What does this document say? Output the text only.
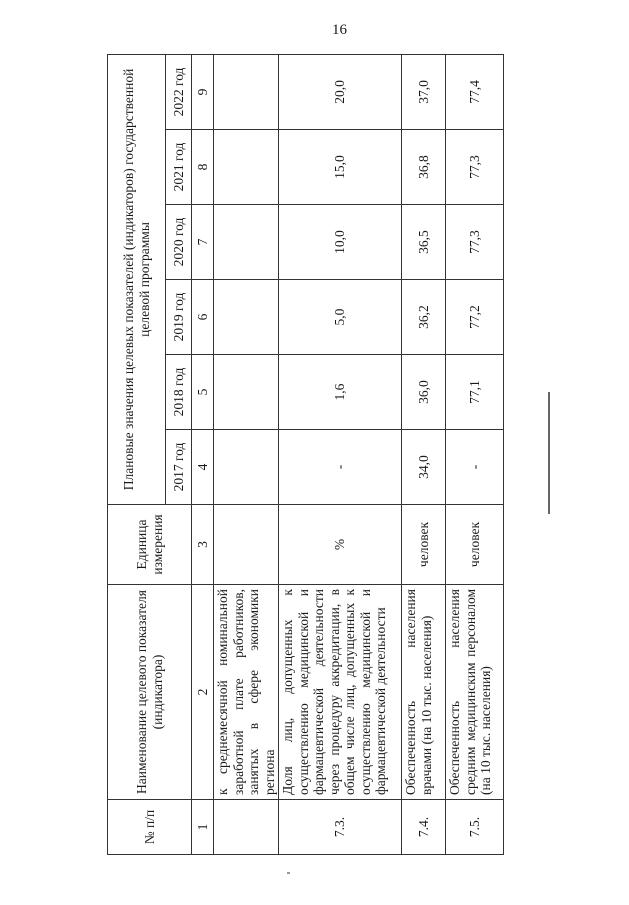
16
№ п/п	Наименование целевого показателя (индикатора)	Единица измерения	Плановые значения целевых показателей (индикаторов) государственной целевой программы					
			2017 год	2018 год	2019 год	2020 год	2021 год	2022 год
1	2	3	4	5	6	7	8	9
	к среднемесячной номинальной заработной плате работников, занятых в сфере экономики региона							
7.3.	Доля лиц, допущенных к осуществлению медицинской и фармацевтической деятельности через процедуру аккредитации, в общем числе лиц, допущенных к осуществлению медицинской и фармацевтической деятельности	%	-	1,6	5,0	10,0	15,0	20,0
7.4.	Обеспеченность населения врачами (на 10 тыс. населения)	человек	34,0	36,0	36,2	36,5	36,8	37,0
7.5.	Обеспеченность населения средним медицинским персоналом (на 10 тыс. населения)	человек	-	77,1	77,2	77,3	77,3	77,4
